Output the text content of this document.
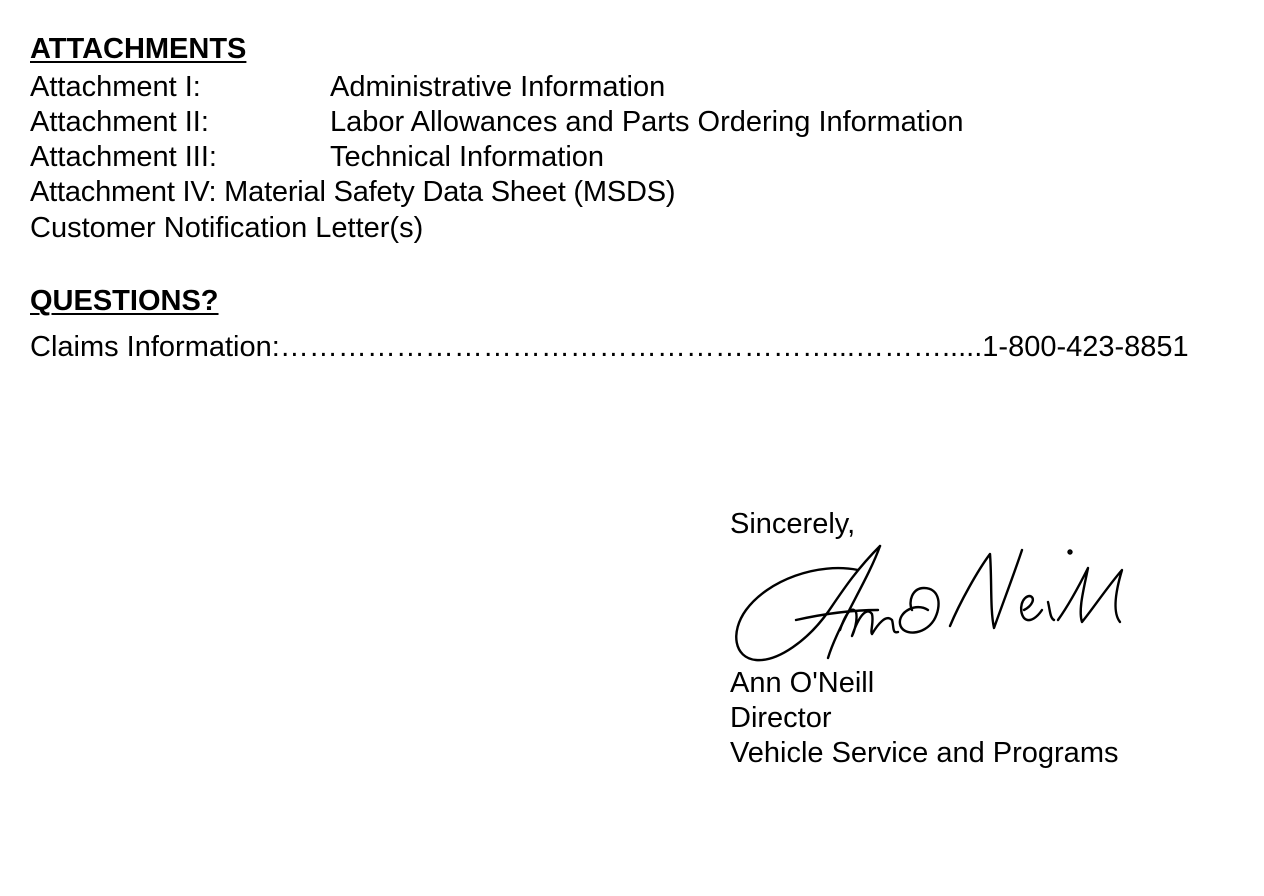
ATTACHMENTS
Attachment I:	Administrative Information
Attachment II:	Labor Allowances and Parts Ordering Information
Attachment III:	Technical Information
Attachment IV: Material Safety Data Sheet (MSDS)
Customer Notification Letter(s)
QUESTIONS?
Claims Information:…………………………………………………...……….....1-800-423-8851
Sincerely,
Ann O'Neill
Director
Vehicle Service and Programs
